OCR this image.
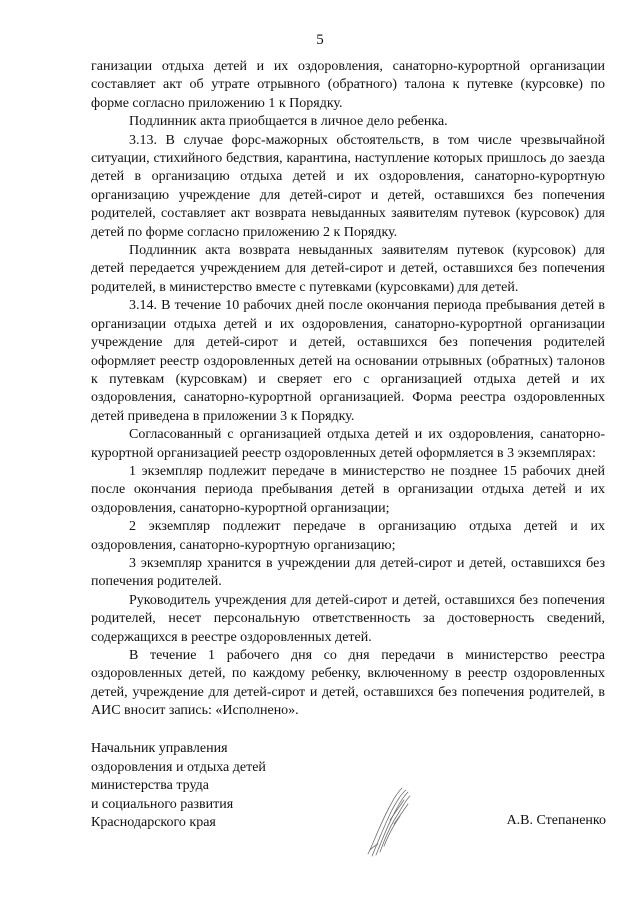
5

ганизации отдыха детей и их оздоровления, санаторно-курортной организации составляет акт об утрате отрывного (обратного) талона к путевке (курсовке) по форме согласно приложению 1 к Порядку.

Подлинник акта приобщается в личное дело ребенка.

3.13. В случае форс-мажорных обстоятельств, в том числе чрезвычайной ситуации, стихийного бедствия, карантина, наступление которых пришлось до заезда детей в организацию отдыха детей и их оздоровления, санаторно-курортную организацию учреждение для детей-сирот и детей, оставшихся без попечения родителей, составляет акт возврата невыданных заявителям путевок (курсовок) для детей по форме согласно приложению 2 к Порядку.

Подлинник акта возврата невыданных заявителям путевок (курсовок) для детей передается учреждением для детей-сирот и детей, оставшихся без попечения родителей, в министерство вместе с путевками (курсовками) для детей.

3.14. В течение 10 рабочих дней после окончания периода пребывания детей в организации отдыха детей и их оздоровления, санаторно-курортной организации учреждение для детей-сирот и детей, оставшихся без попечения родителей оформляет реестр оздоровленных детей на основании отрывных (обратных) талонов к путевкам (курсовкам) и сверяет его с организацией отдыха детей и их оздоровления, санаторно-курортной организацией. Форма реестра оздоровленных детей приведена в приложении 3 к Порядку.

Согласованный с организацией отдыха детей и их оздоровления, санаторно-курортной организацией реестр оздоровленных детей оформляется в 3 экземплярах:

1 экземпляр подлежит передаче в министерство не позднее 15 рабочих дней после окончания периода пребывания детей в организации отдыха детей и их оздоровления, санаторно-курортной организации;

2 экземпляр подлежит передаче в организацию отдыха детей и их оздоровления, санаторно-курортную организацию;

3 экземпляр хранится в учреждении для детей-сирот и детей, оставшихся без попечения родителей.

Руководитель учреждения для детей-сирот и детей, оставшихся без попечения родителей, несет персональную ответственность за достоверность сведений, содержащихся в реестре оздоровленных детей.

В течение 1 рабочего дня со дня передачи в министерство реестра оздоровленных детей, по каждому ребенку, включенному в реестр оздоровленных детей, учреждение для детей-сирот и детей, оставшихся без попечения родителей, в АИС вносит запись: «Исполнено».

Начальник управления
оздоровления и отдыха детей
министерства труда
и социального развития
Краснодарского края	А.В. Степаненко
